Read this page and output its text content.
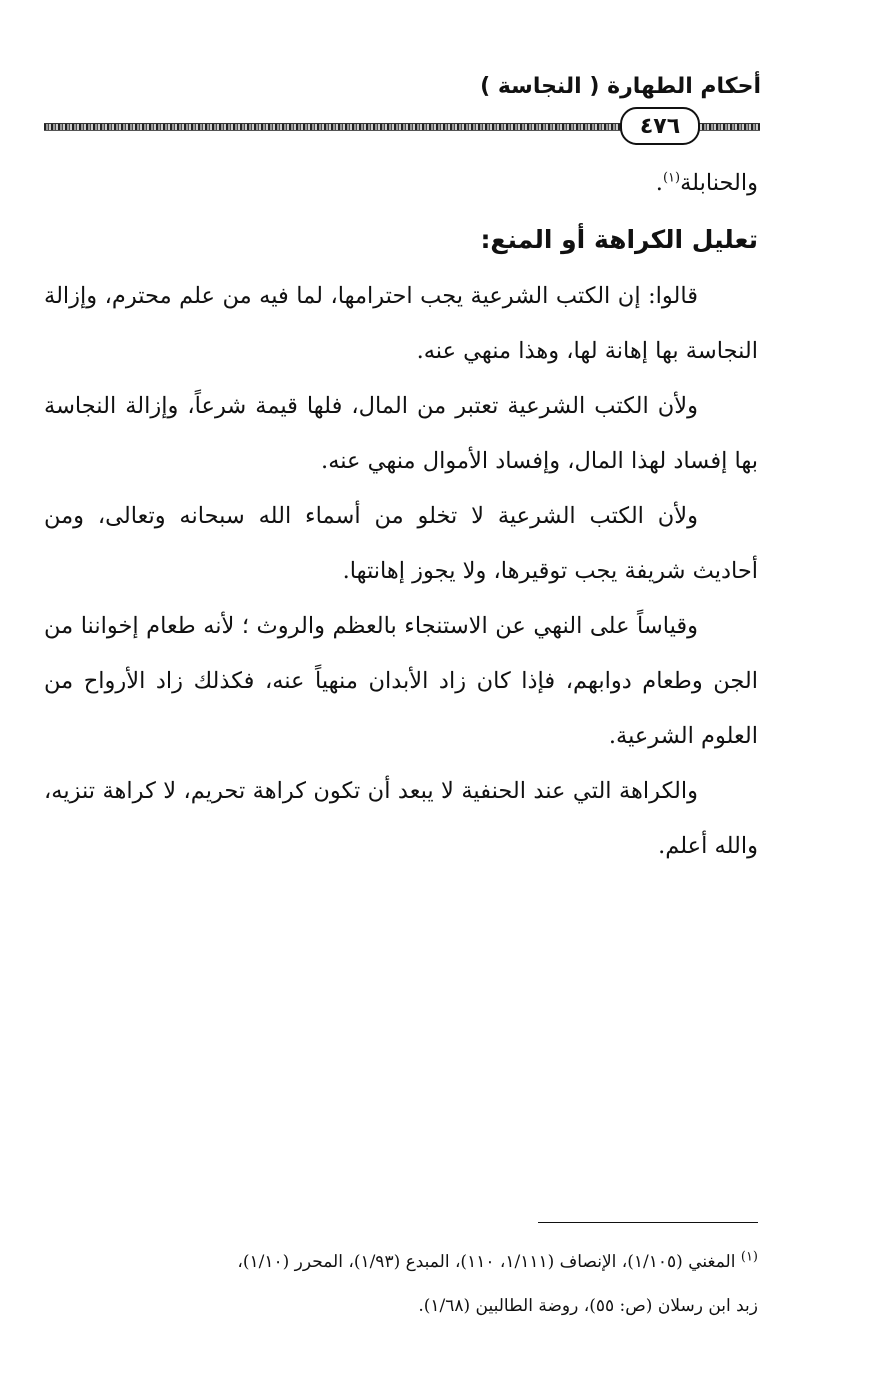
أحكام الطهارة ( النجاسة )
٤٧٦

والحنابلة$^{(١)}$.

تعليل الكراهة أو المنع:

قالوا: إن الكتب الشرعية يجب احترامها، لما فيه من علم محترم، وإزالة النجاسة بها إهانة لها، وهذا منهي عنه.

ولأن الكتب الشرعية تعتبر من المال، فلها قيمة شرعاً، وإزالة النجاسة بها إفساد لهذا المال، وإفساد الأموال منهي عنه.

ولأن الكتب الشرعية لا تخلو من أسماء الله سبحانه وتعالى، ومن أحاديث شريفة يجب توقيرها، ولا يجوز إهانتها.

وقياساً على النهي عن الاستنجاء بالعظم والروث ؛ لأنه طعام إخواننا من الجن وطعام دوابهم، فإذا كان زاد الأبدان منهياً عنه، فكذلك زاد الأرواح من العلوم الشرعية.

والكراهة التي عند الحنفية لا يبعد أن تكون كراهة تحريم، لا كراهة تنزيه، والله أعلم.

$^{(١)}$ المغني (١/١٠٥)، الإنصاف (١/١١١، ١١٠)، المبدع (١/٩٣)، المحرر (١/١٠)،

زبد ابن رسلان (ص: ٥٥)، روضة الطالبين (١/٦٨).
